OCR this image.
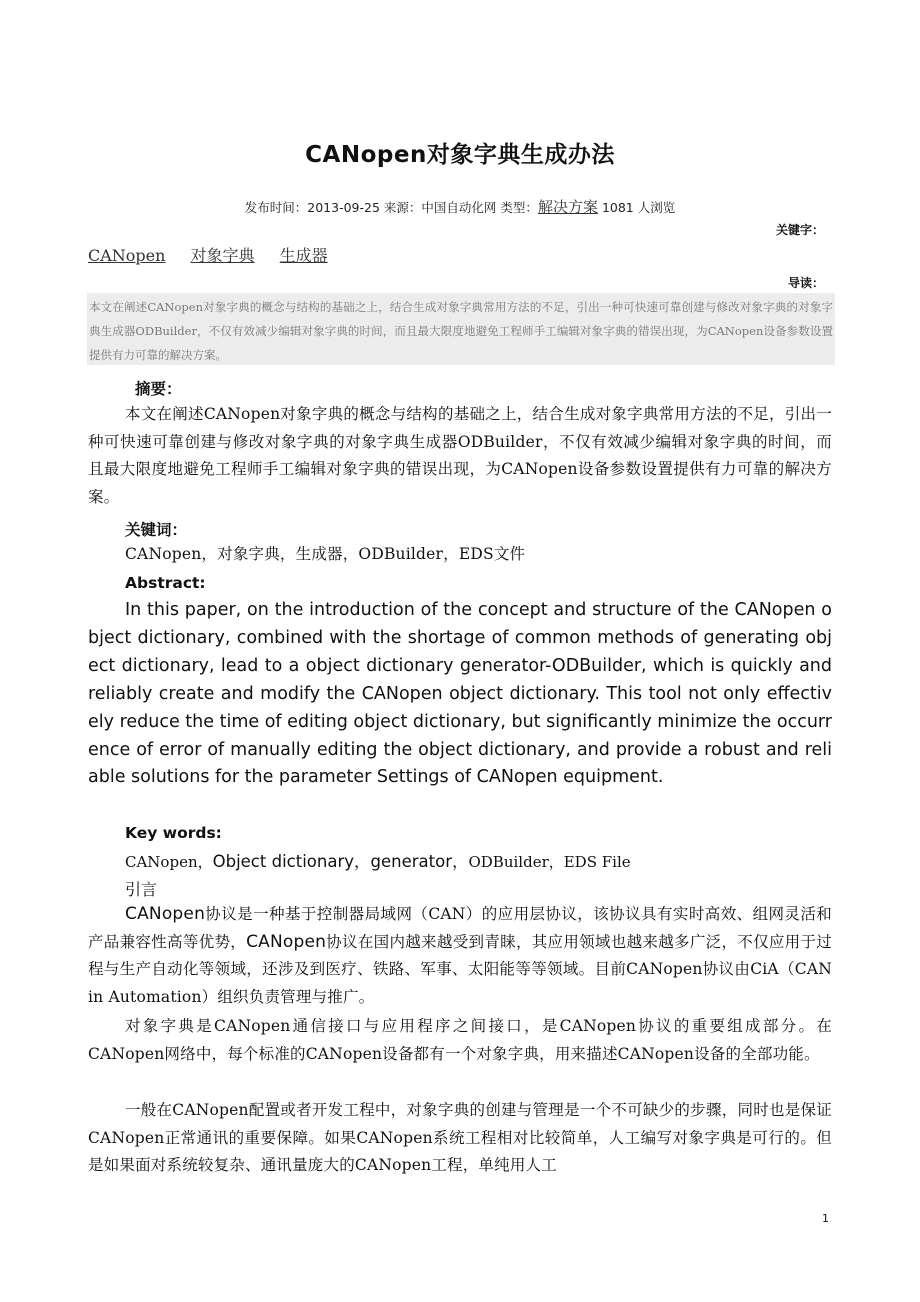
CANopen对象字典生成办法
发布时间：2013-09-25 来源：中国自动化网 类型：解决方案 1081 人浏览
关键字：
CANopen 对象字典 生成器
导读：
本文在阐述CANopen对象字典的概念与结构的基础之上，结合生成对象字典常用方法的不足，引出一种可快速可靠创建与修改对象字典的对象字典生成器ODBuilder，不仅有效减少编辑对象字典的时间，而且最大限度地避免工程师手工编辑对象字典的错误出现，为CANopen设备参数设置提供有力可靠的解决方案。
摘要：
本文在阐述CANopen对象字典的概念与结构的基础之上，结合生成对象字典常用方法的不足，引出一种可快速可靠创建与修改对象字典的对象字典生成器ODBuilder，不仅有效减少编辑对象字典的时间，而且最大限度地避免工程师手工编辑对象字典的错误出现，为CANopen设备参数设置提供有力可靠的解决方案。
关键词：
CANopen，对象字典，生成器，ODBuilder，EDS文件
Abstract:
In this paper, on the introduction of the concept and structure of the CANopen object dictionary, combined with the shortage of common methods of generating object dictionary, lead to a object dictionary generator-ODBuilder, which is quickly and reliably create and modify the CANopen object dictionary. This tool not only effectively reduce the time of editing object dictionary, but significantly minimize the occurrence of error of manually editing the object dictionary, and provide a robust and reliable solutions for the parameter Settings of CANopen equipment.
Key words:
CANopen，Object dictionary，generator，ODBuilder，EDS File
引言
CANopen协议是一种基于控制器局域网（CAN）的应用层协议，该协议具有实时高效、组网灵活和产品兼容性高等优势，CANopen协议在国内越来越受到青睐，其应用领域也越来越多广泛，不仅应用于过程与生产自动化等领域，还涉及到医疗、铁路、军事、太阳能等等领域。目前CANopen协议由CiA（CAN in Automation）组织负责管理与推广。
对象字典是CANopen通信接口与应用程序之间接口，是CANopen协议的重要组成部分。在CANopen网络中，每个标准的CANopen设备都有一个对象字典，用来描述CANopen设备的全部功能。
一般在CANopen配置或者开发工程中，对象字典的创建与管理是一个不可缺少的步骤，同时也是保证CANopen正常通讯的重要保障。如果CANopen系统工程相对比较简单，人工编写对象字典是可行的。但是如果面对系统较复杂、通讯量庞大的CANopen工程，单纯用人工
1
